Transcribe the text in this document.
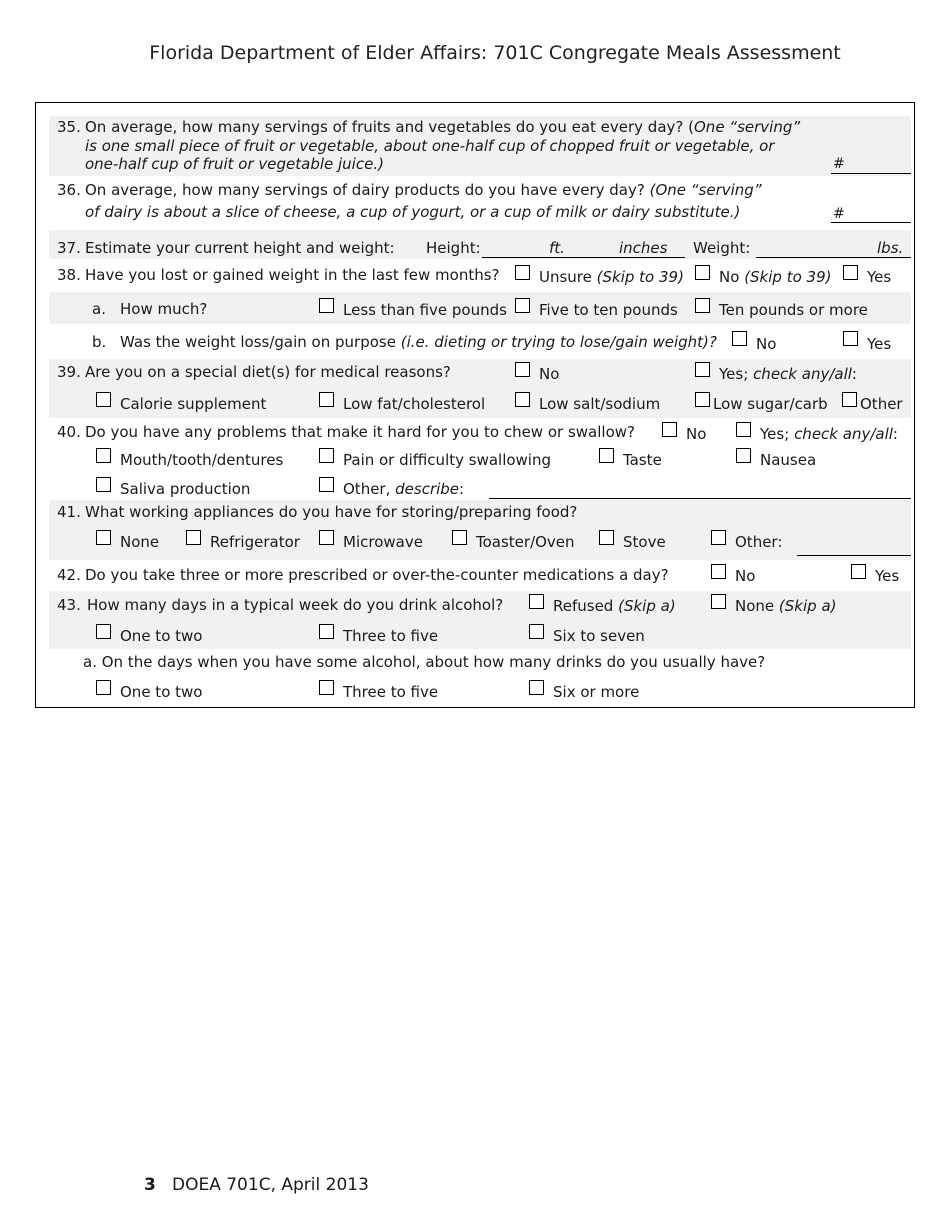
Florida Department of Elder Affairs: 701C Congregate Meals Assessment
35. On average, how many servings of fruits and vegetables do you eat every day? (One “serving”
is one small piece of fruit or vegetable, about one-half cup of chopped fruit or vegetable, or
one-half cup of fruit or vegetable juice.)	#
36. On average, how many servings of dairy products do you have every day? (One “serving”
of dairy is about a slice of cheese, a cup of yogurt, or a cup of milk or dairy substitute.)	#
37. Estimate your current height and weight: Height:	ft.	inches Weight:	lbs.
38. Have you lost or gained weight in the last few months?	Unsure (Skip to 39) No (Skip to 39) Yes
a. How much?	Less than five pounds Five to ten pounds	Ten pounds or more
b. Was the weight loss/gain on purpose (i.e. dieting or trying to lose/gain weight)?	No	Yes
39. Are you on a special diet(s) for medical reasons?	No	Yes; check any/all:
Calorie supplement	Low fat/cholesterol	Low salt/sodium	Low sugar/carb Other
40. Do you have any problems that make it hard for you to chew or swallow?	No	Yes; check any/all:
Mouth/tooth/dentures	Pain or difficulty swallowing	Taste	Nausea
Saliva production	Other, describe:
41. What working appliances do you have for storing/preparing food?
None	Refrigerator	Microwave	Toaster/Oven	Stove	Other:
42. Do you take three or more prescribed or over-the-counter medications a day?	No	Yes
43. How many days in a typical week do you drink alcohol?	Refused (Skip a)	None (Skip a)
One to two	Three to five	Six to seven
a. On the days when you have some alcohol, about how many drinks do you usually have?
One to two	Three to five	Six or more
3 DOEA 701C, April 2013
